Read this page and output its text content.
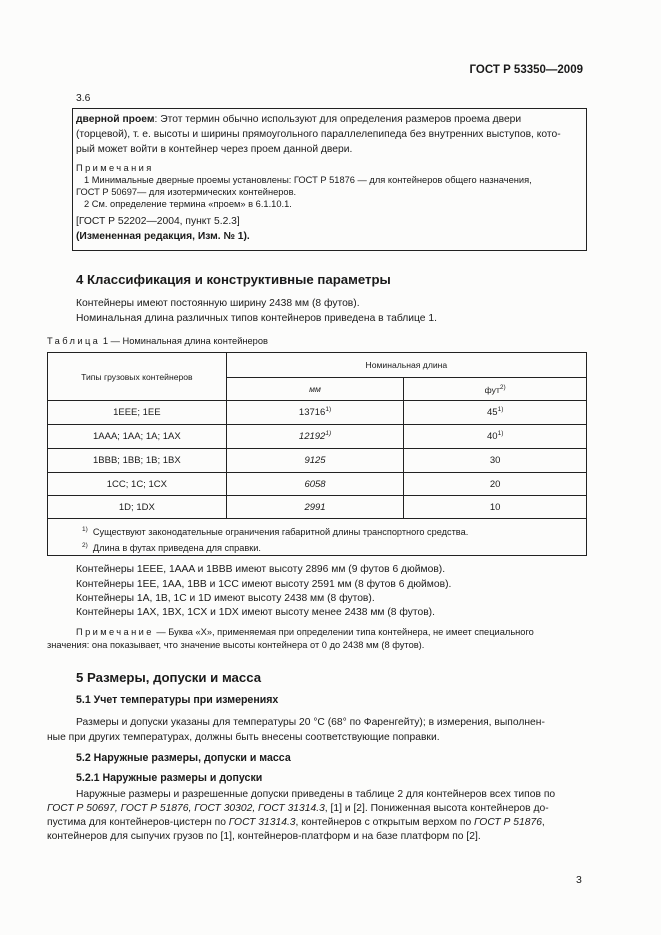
ГОСТ Р 53350—2009
3.6
дверной проем: Этот термин обычно используют для определения размеров проема двери
(торцевой), т. е. высоты и ширины прямоугольного параллелепипеда без внутренних выступов, кото-
рый может войти в контейнер через проем данной двери.
Примечания
1 Минимальные дверные проемы установлены: ГОСТ Р 51876 — для контейнеров общего назначения,
ГОСТ Р 50697— для изотермических контейнеров.
2 См. определение термина «проем» в 6.1.10.1.
[ГОСТ Р 52202—2004, пункт 5.2.3]
(Измененная редакция, Изм. № 1).
4 Классификация и конструктивные параметры
Контейнеры имеют постоянную ширину 2438 мм (8 футов).
Номинальная длина различных типов контейнеров приведена в таблице 1.
Таблица 1 — Номинальная длина контейнеров
Типы грузовых контейнеров	Номинальная длина	
	мм	фут$^{2)}$
1EEE; 1EE	13716$^{1)}$	45$^{1)}$
1AAA; 1AA; 1A; 1AX	12192$^{1)}$	40$^{1)}$
1BBB; 1BB; 1B; 1BX	9125	30
1CC; 1C; 1CX	6058	20
1D; 1DX	2991	10

$^{1)}$ Существуют законодательные ограничения габаритной длины транспортного средства.
$^{2)}$ Длина в футах приведена для справки.		
Контейнеры 1EEE, 1AAA и 1BBB имеют высоту 2896 мм (9 футов 6 дюймов).
Контейнеры 1EE, 1AA, 1BB и 1CC имеют высоту 2591 мм (8 футов 6 дюймов).
Контейнеры 1A, 1B, 1C и 1D имеют высоту 2438 мм (8 футов).
Контейнеры 1AX, 1BX, 1CX и 1DX имеют высоту менее 2438 мм (8 футов).
Примечание — Буква «X», применяемая при определении типа контейнера, не имеет специального
значения: она показывает, что значение высоты контейнера от 0 до 2438 мм (8 футов).
5 Размеры, допуски и масса
5.1 Учет температуры при измерениях
Размеры и допуски указаны для температуры 20 °С (68° по Фаренгейту); в измерения, выполнен-
ные при других температурах, должны быть внесены соответствующие поправки.
5.2 Наружные размеры, допуски и масса
5.2.1 Наружные размеры и допуски
Наружные размеры и разрешенные допуски приведены в таблице 2 для контейнеров всех типов по
ГОСТ Р 50697, ГОСТ Р 51876, ГОСТ 30302, ГОСТ 31314.3, [1] и [2]. Пониженная высота контейнеров до-
пустима для контейнеров-цистерн по ГОСТ 31314.3, контейнеров с открытым верхом по ГОСТ Р 51876,
контейнеров для сыпучих грузов по [1], контейнеров-платформ и на базе платформ по [2].
3
